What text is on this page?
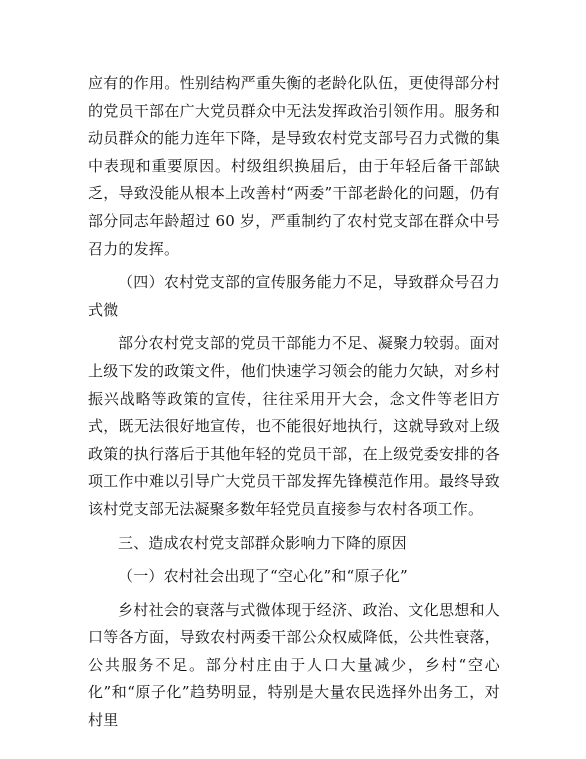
应有的作用。性别结构严重失衡的老龄化队伍，更使得部分村的党员干部在广大党员群众中无法发挥政治引领作用。服务和动员群众的能力连年下降，是导致农村党支部号召力式微的集中表现和重要原因。村级组织换届后，由于年轻后备干部缺乏，导致没能从根本上改善村“两委”干部老龄化的问题，仍有部分同志年龄超过 60 岁，严重制约了农村党支部在群众中号召力的发挥。

（四）农村党支部的宣传服务能力不足，导致群众号召力式微

部分农村党支部的党员干部能力不足、凝聚力较弱。面对上级下发的政策文件，他们快速学习领会的能力欠缺，对乡村振兴战略等政策的宣传，往往采用开大会，念文件等老旧方式，既无法很好地宣传，也不能很好地执行，这就导致对上级政策的执行落后于其他年轻的党员干部，在上级党委安排的各项工作中难以引导广大党员干部发挥先锋模范作用。最终导致该村党支部无法凝聚多数年轻党员直接参与农村各项工作。

三、造成农村党支部群众影响力下降的原因

（一）农村社会出现了“空心化”和“原子化”

乡村社会的衰落与式微体现于经济、政治、文化思想和人口等各方面，导致农村两委干部公众权威降低，公共性衰落，公共服务不足。部分村庄由于人口大量减少，乡村“空心化”和“原子化”趋势明显，特别是大量农民选择外出务工，对村里
